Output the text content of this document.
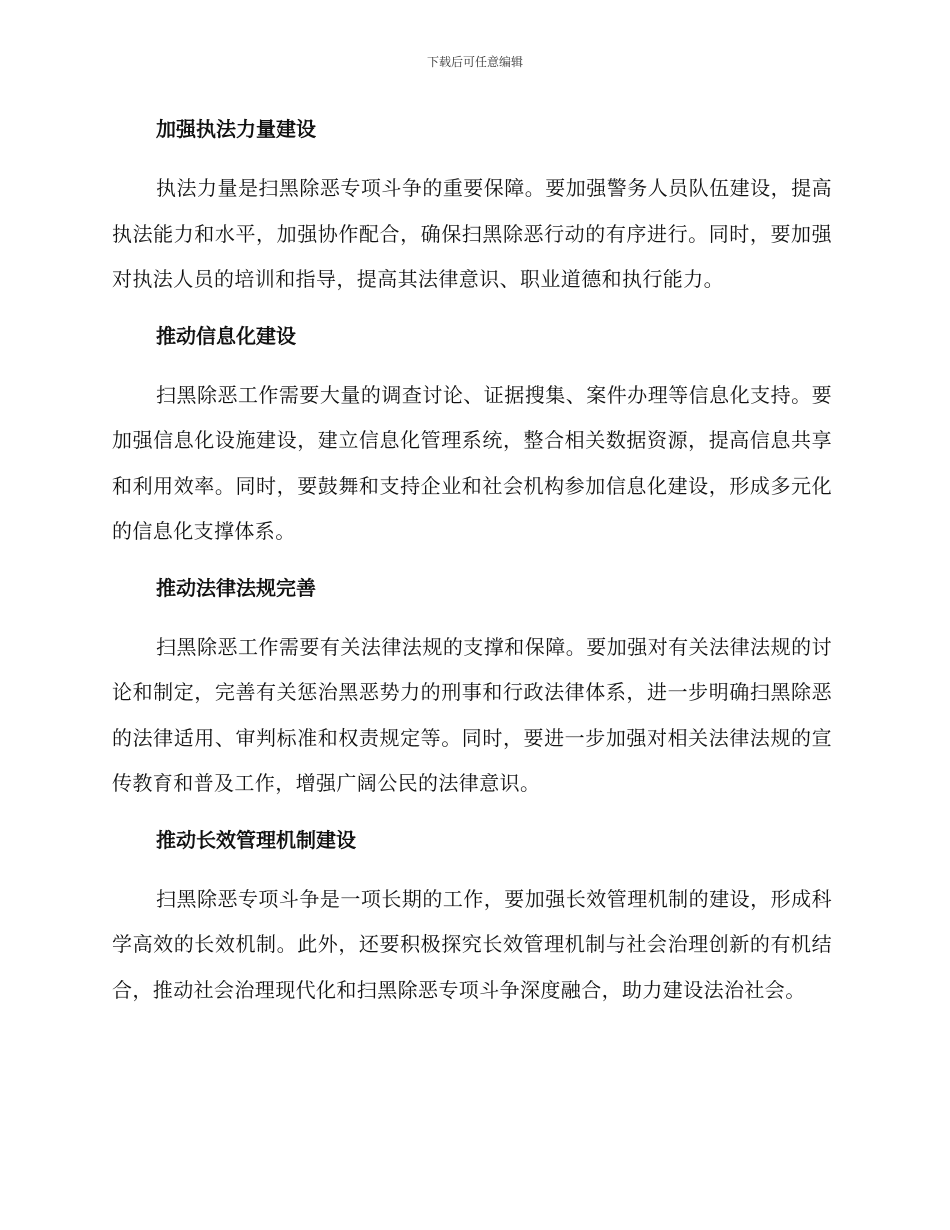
下载后可任意编辑
加强执法力量建设

执法力量是扫黑除恶专项斗争的重要保障。要加强警务人员队伍建设，提高执法能力和水平，加强协作配合，确保扫黑除恶行动的有序进行。同时，要加强对执法人员的培训和指导，提高其法律意识、职业道德和执行能力。

推动信息化建设

扫黑除恶工作需要大量的调查讨论、证据搜集、案件办理等信息化支持。要加强信息化设施建设，建立信息化管理系统，整合相关数据资源，提高信息共享和利用效率。同时，要鼓舞和支持企业和社会机构参加信息化建设，形成多元化的信息化支撑体系。

推动法律法规完善

扫黑除恶工作需要有关法律法规的支撑和保障。要加强对有关法律法规的讨论和制定，完善有关惩治黑恶势力的刑事和行政法律体系，进一步明确扫黑除恶的法律适用、审判标准和权责规定等。同时，要进一步加强对相关法律法规的宣传教育和普及工作，增强广阔公民的法律意识。

推动长效管理机制建设

扫黑除恶专项斗争是一项长期的工作，要加强长效管理机制的建设，形成科学高效的长效机制。此外，还要积极探究长效管理机制与社会治理创新的有机结合，推动社会治理现代化和扫黑除恶专项斗争深度融合，助力建设法治社会。
